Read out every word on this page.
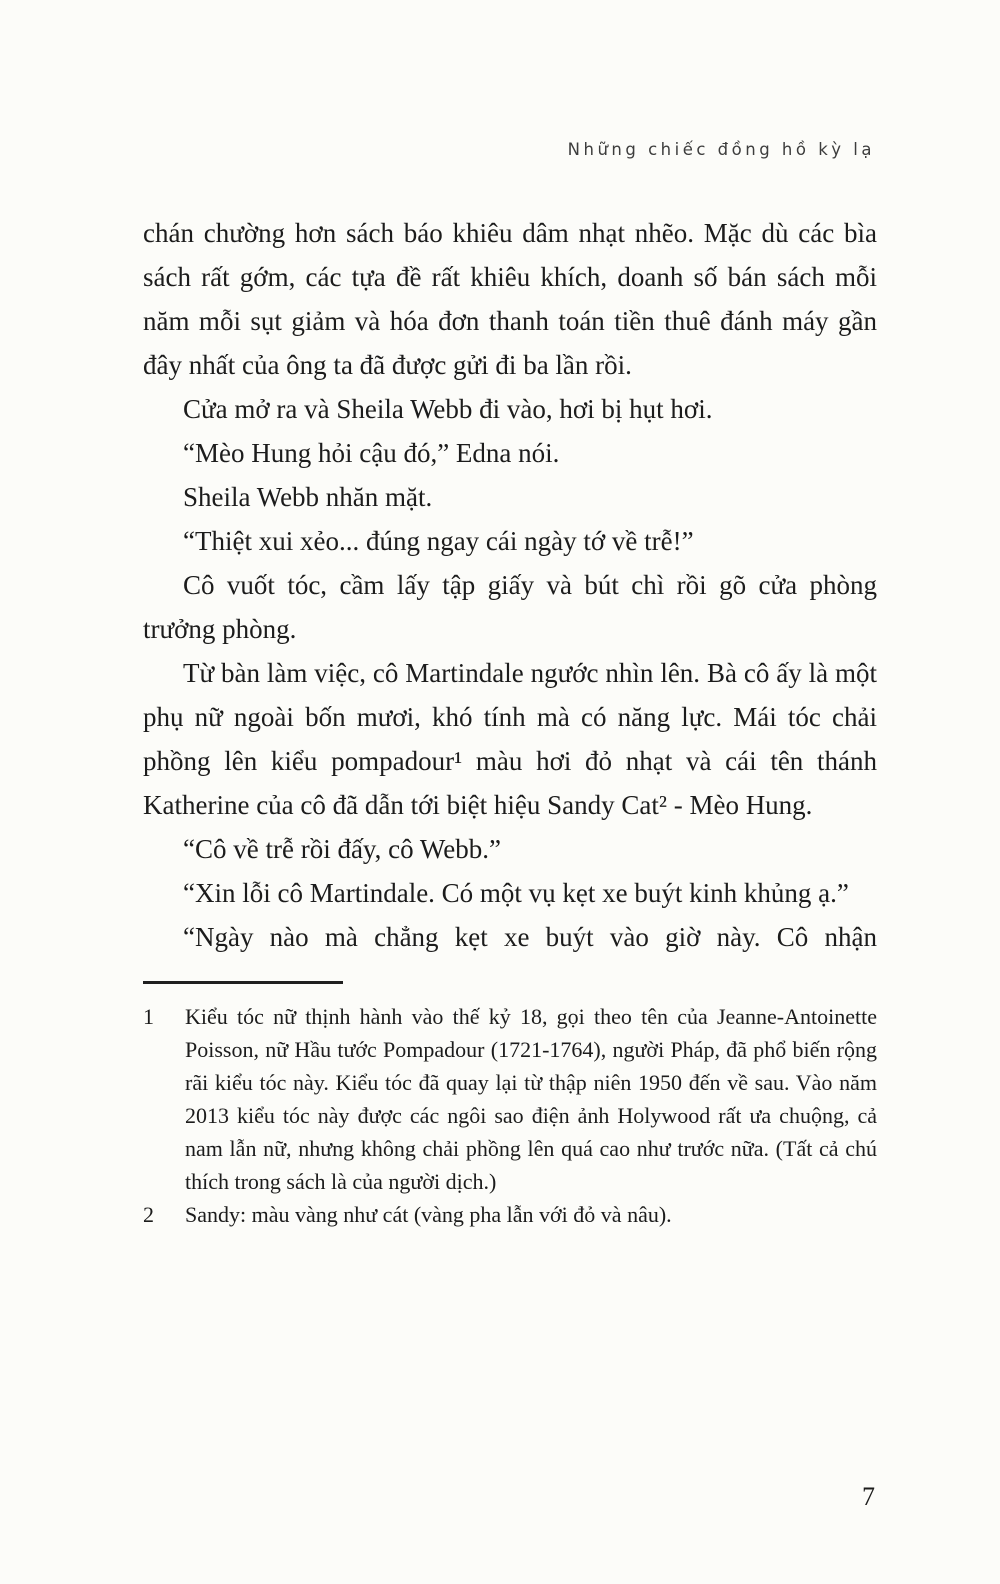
Những chiếc đồng hồ kỳ lạ

chán chường hơn sách báo khiêu dâm nhạt nhẽo. Mặc dù các bìa sách rất gớm, các tựa đề rất khiêu khích, doanh số bán sách mỗi năm mỗi sụt giảm và hóa đơn thanh toán tiền thuê đánh máy gần đây nhất của ông ta đã được gửi đi ba lần rồi.

Cửa mở ra và Sheila Webb đi vào, hơi bị hụt hơi.

“Mèo Hung hỏi cậu đó,” Edna nói.

Sheila Webb nhăn mặt.

“Thiệt xui xẻo... đúng ngay cái ngày tớ về trễ!”

Cô vuốt tóc, cầm lấy tập giấy và bút chì rồi gõ cửa phòng trưởng phòng.

Từ bàn làm việc, cô Martindale ngước nhìn lên. Bà cô ấy là một phụ nữ ngoài bốn mươi, khó tính mà có năng lực. Mái tóc chải phồng lên kiểu pompadour¹ màu hơi đỏ nhạt và cái tên thánh Katherine của cô đã dẫn tới biệt hiệu Sandy Cat² - Mèo Hung.

“Cô về trễ rồi đấy, cô Webb.”

“Xin lỗi cô Martindale. Có một vụ kẹt xe buýt kinh khủng ạ.”

“Ngày nào mà chẳng kẹt xe buýt vào giờ này. Cô nhận

1	Kiểu tóc nữ thịnh hành vào thế kỷ 18, gọi theo tên của Jeanne-Antoinette Poisson, nữ Hầu tước Pompadour (1721-1764), người Pháp, đã phổ biến rộng rãi kiểu tóc này. Kiểu tóc đã quay lại từ thập niên 1950 đến về sau. Vào năm 2013 kiểu tóc này được các ngôi sao điện ảnh Holywood rất ưa chuộng, cả nam lẫn nữ, nhưng không chải phồng lên quá cao như trước nữa. (Tất cả chú thích trong sách là của người dịch.)
2	Sandy: màu vàng như cát (vàng pha lẫn với đỏ và nâu).
7
